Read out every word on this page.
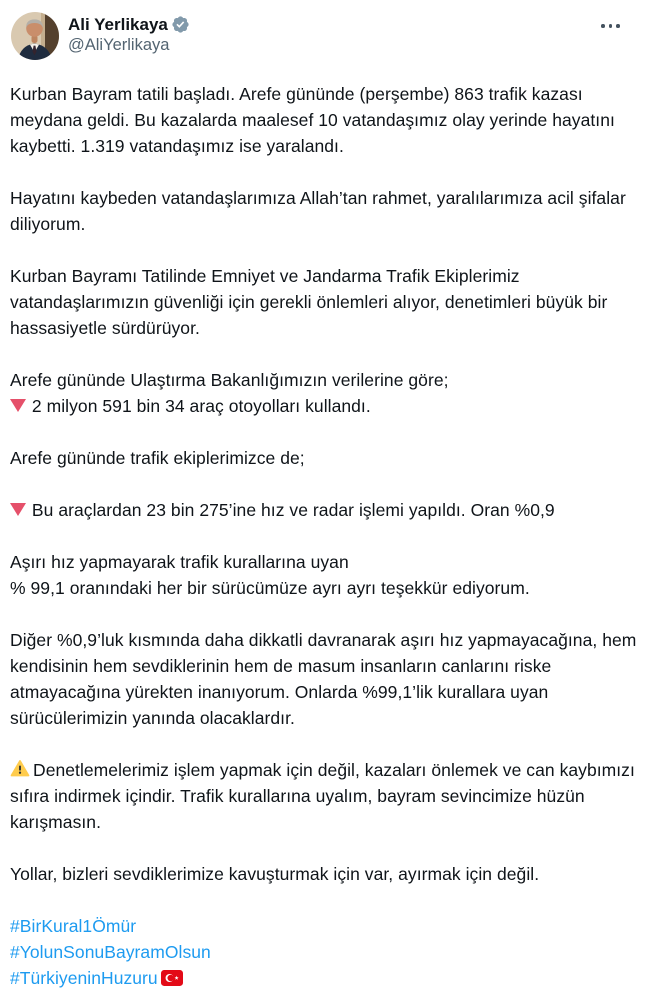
Ali Yerlikaya
@AliYerlikaya

Kurban Bayram tatili başladı. Arefe gününde (perşembe) 863 trafik kazası meydana geldi. Bu kazalarda maalesef 10 vatandaşımız olay yerinde hayatını kaybetti. 1.319 vatandaşımız ise yaralandı.

Hayatını kaybeden vatandaşlarımıza Allah’tan rahmet, yaralılarımıza acil şifalar diliyorum.

Kurban Bayramı Tatilinde Emniyet ve Jandarma Trafik Ekiplerimiz vatandaşlarımızın güvenliği için gerekli önlemleri alıyor, denetimleri büyük bir hassasiyetle sürdürüyor.

Arefe gününde Ulaştırma Bakanlığımızın verilerine göre;
2 milyon 591 bin 34 araç otoyolları kullandı.

Arefe gününde trafik ekiplerimizce de;

Bu araçlardan 23 bin 275’ine hız ve radar işlemi yapıldı. Oran %0,9

Aşırı hız yapmayarak trafik kurallarına uyan
% 99,1 oranındaki her bir sürücümüze ayrı ayrı teşekkür ediyorum.

Diğer %0,9’luk kısmında daha dikkatli davranarak aşırı hız yapmayacağına, hem kendisinin hem sevdiklerinin hem de masum insanların canlarını riske atmayacağına yürekten inanıyorum. Onlarda %99,1’lik kurallara uyan sürücülerimizin yanında olacaklardır.

Denetlemelerimiz işlem yapmak için değil, kazaları önlemek ve can kaybımızı sıfıra indirmek içindir. Trafik kurallarına uyalım, bayram sevincimize hüzün karışmasın.

Yollar, bizleri sevdiklerimize kavuşturmak için var, ayırmak için değil.

#BirKural1Ömür
#YolunSonuBayramOlsun
#TürkiyeninHuzuru
